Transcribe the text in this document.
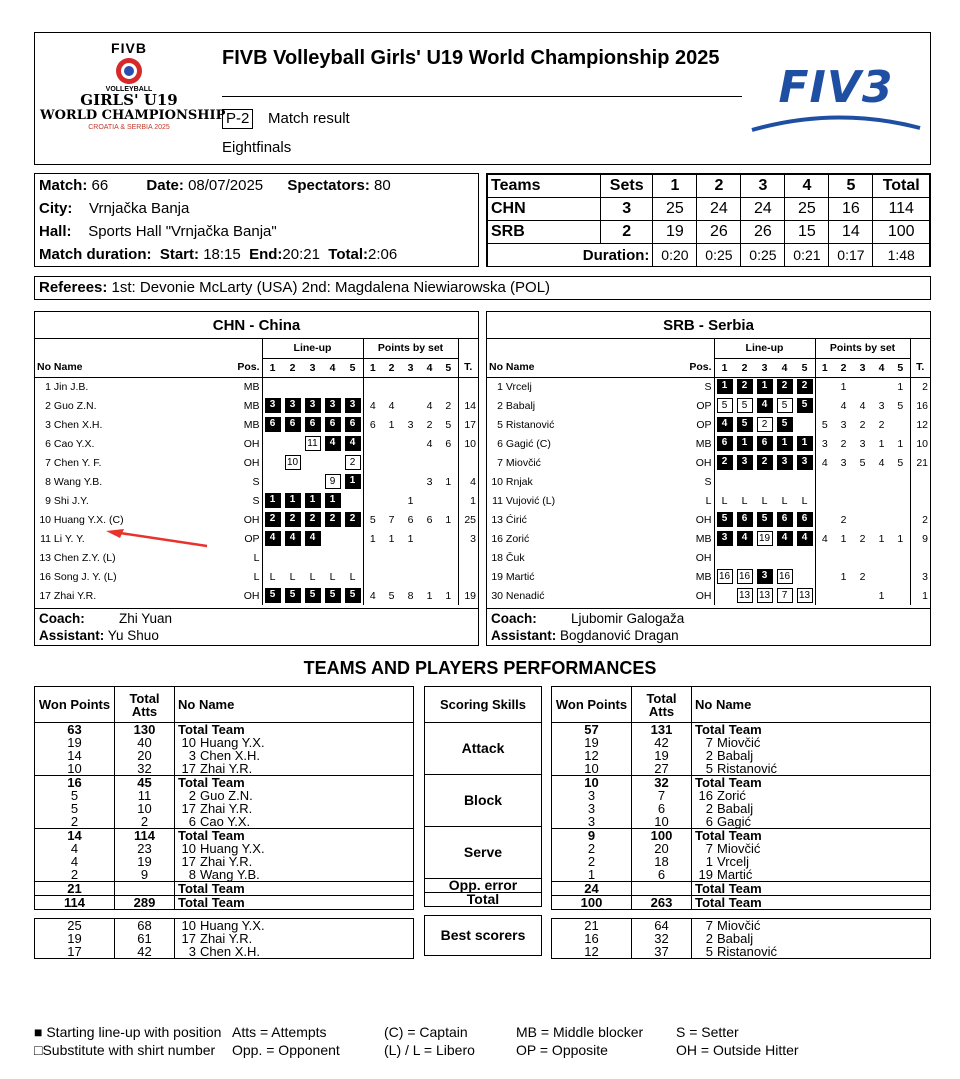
FIVB
VOLLEYBALL
GIRLS' U19
WORLD CHAMPIONSHIP
CROATIA & SERBIA 2025
FIVB Volleyball Girls' U19 World Championship 2025
P-2 Match result
Eightfinals
FIV3
Match: 66	Date: 08/07/2025	Spectators: 80
City: Vrnjačka Banja
Hall: Sports Hall "Vrnjačka Banja"
Match duration: Start: 18:15 End:20:21 Total:2:06
Teams	Sets	1	2	3	4	5	Total
CHN	3	25	24	24	25	16	114
SRB	2	19	26	26	15	14	100
Duration:		0:20	0:25	0:25	0:21	0:17	1:48
Referees: 1st: Devonie McLarty (USA) 2nd: Magdalena Niewiarowska (POL)
CHN - China
		Line-up					Points by set					
No Name	Pos.	1	2	3	4	5	1	2	3	4	5	T.
1 Jin J.B.	MB											
2 Guo Z.N.	MB	3	3	3	3	3	4	4		4	2	14
3 Chen X.H.	MB	6	6	6	6	6	6	1	3	2	5	17
6 Cao Y.X.	OH			11	4	4				4	6	10
7 Chen Y. F.	OH		10			2						
8 Wang Y.B.	S				9	1				3	1	4
9 Shi J.Y.	S	1	1	1	1				1			1
10 Huang Y.X. (C)	OH	2	2	2	2	2	5	7	6	6	1	25
11 Li Y. Y.	OP	4	4	4			1	1	1			3
13 Chen Z.Y. (L)	L											
16 Song J. Y. (L)	L	L	L	L	L	L						
17 Zhai Y.R.	OH	5	5	5	5	5	4	5	8	1	1	19
Coach:	Zhi Yuan
Assistant: Yu Shuo
SRB - Serbia
		Line-up					Points by set					
No Name	Pos.	1	2	3	4	5	1	2	3	4	5	T.
1 Vrcelj	S	1	2	1	2	2		1			1	2
2 Babalj	OP	5	5	4	5	5		4	4	3	5	16
5 Ristanović	OP	4	5	2	5		5	3	2	2		12
6 Gagić (C)	MB	6	1	6	1	1	3	2	3	1	1	10
7 Miovčić	OH	2	3	2	3	3	4	3	5	4	5	21
10 Rnjak	S											
11 Vujović (L)	L	L	L	L	L	L						
13 Ćirić	OH	5	6	5	6	6		2				2
16 Zorić	MB	3	4	19	4	4	4	1	2	1	1	9
18 Čuk	OH											
19 Martić	MB	16	16	3	16			1	2			3
30 Nenadić	OH		13	13	7	13				1		1
Coach:	Ljubomir Galogaža
Assistant: Bogdanović Dragan
TEAMS AND PLAYERS PERFORMANCES
Won Points	Total Atts	No Name
63	130	Total Team
19	40	10 Huang Y.X.
14	20	3 Chen X.H.
10	32	17 Zhai Y.R.
16	45	Total Team
5	11	2 Guo Z.N.
5	10	17 Zhai Y.R.
2	2	6 Cao Y.X.
14	114	Total Team
4	23	10 Huang Y.X.
4	19	17 Zhai Y.R.
2	9	8 Wang Y.B.
21		Total Team
114	289	Total Team
25	68	10 Huang Y.X.
19	61	17 Zhai Y.R.
17	42	3 Chen X.H.
Won Points	Total Atts	No Name
57	131	Total Team
19	42	7 Miovčić
12	19	2 Babalj
10	27	5 Ristanović
10	32	Total Team
3	7	16 Zorić
3	6	2 Babalj
3	10	6 Gagić
9	100	Total Team
2	20	7 Miovčić
2	18	1 Vrcelj
1	6	19 Martić
24		Total Team
100	263	Total Team
21	64	7 Miovčić
16	32	2 Babalj
12	37	5 Ristanović
Scoring Skills
Attack
Block
Serve
Opp. error
Total
Best scorers
■ Starting line-up with position Atts = Attempts	(C) = Captain	MB = Middle blocker S = Setter
□Substitute with shirt number Opp. = Opponent	(L) / L = Libero	OP = Opposite	OH = Outside Hitter
